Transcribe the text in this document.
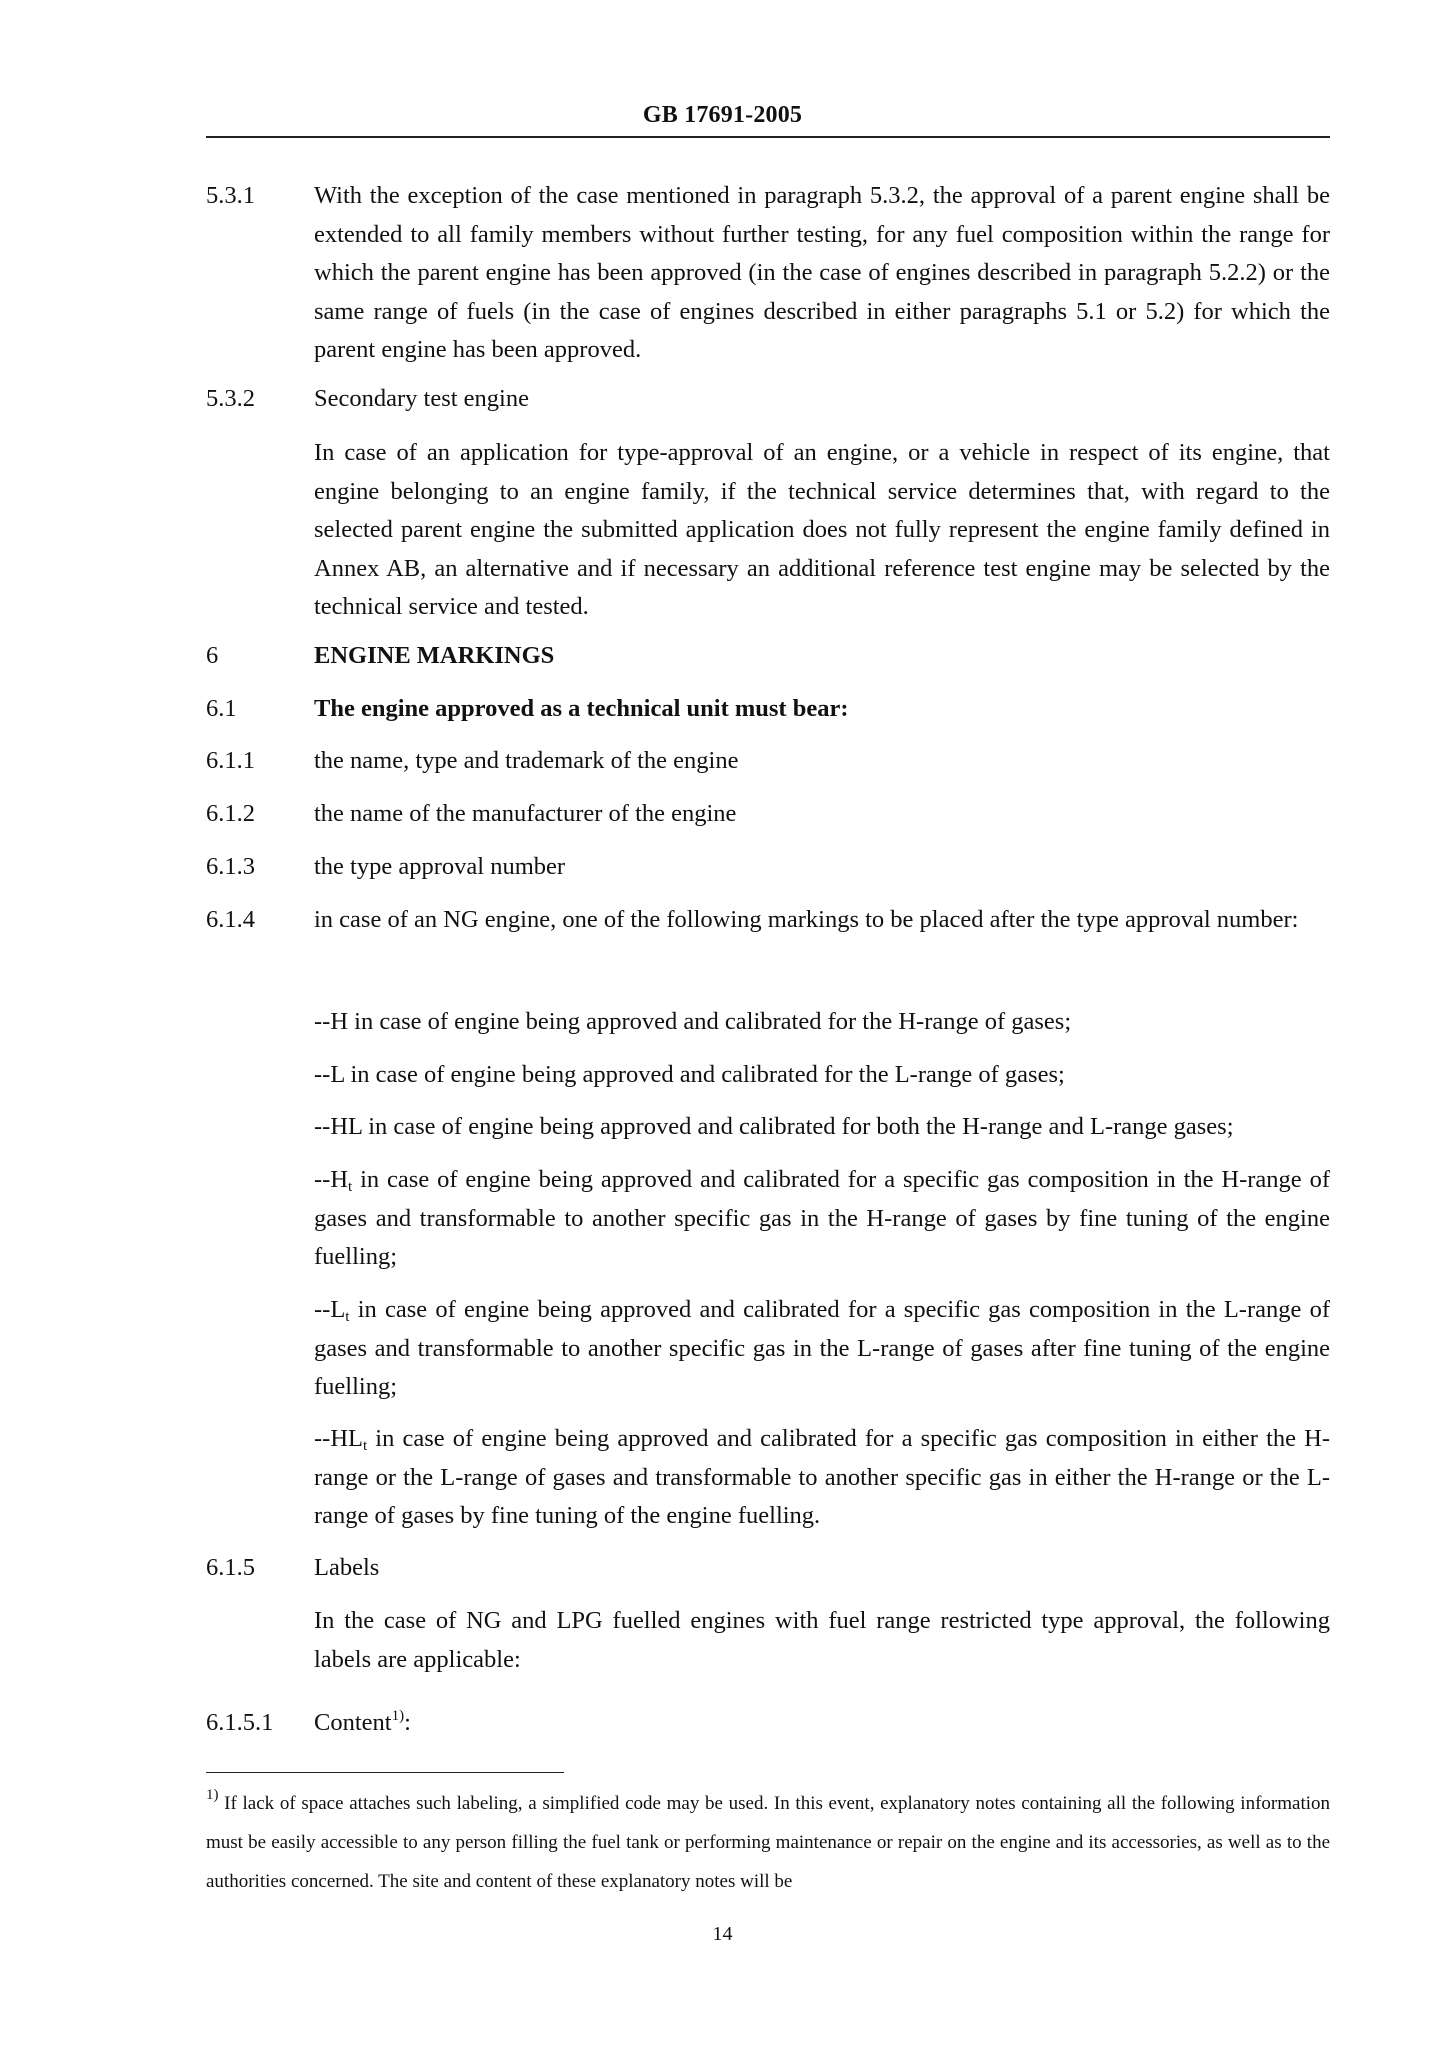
GB 17691-2005
5.3.1 With the exception of the case mentioned in paragraph 5.3.2, the approval of a parent engine shall be extended to all family members without further testing, for any fuel composition within the range for which the parent engine has been approved (in the case of engines described in paragraph 5.2.2) or the same range of fuels (in the case of engines described in either paragraphs 5.1 or 5.2) for which the parent engine has been approved.
5.3.2 Secondary test engine
In case of an application for type-approval of an engine, or a vehicle in respect of its engine, that engine belonging to an engine family, if the technical service determines that, with regard to the selected parent engine the submitted application does not fully represent the engine family defined in Annex AB, an alternative and if necessary an additional reference test engine may be selected by the technical service and tested.
6	ENGINE MARKINGS
6.1	The engine approved as a technical unit must bear:
6.1.1 the name, type and trademark of the engine
6.1.2 the name of the manufacturer of the engine
6.1.3 the type approval number
6.1.4 in case of an NG engine, one of the following markings to be placed after the type approval number:
--H in case of engine being approved and calibrated for the H-range of gases;
--L in case of engine being approved and calibrated for the L-range of gases;
--HL in case of engine being approved and calibrated for both the H-range and L-range gases;
$--H_t$ in case of engine being approved and calibrated for a specific gas composition in the H-range of gases and transformable to another specific gas in the H-range of gases by fine tuning of the engine fuelling;
$--L_t$ in case of engine being approved and calibrated for a specific gas composition in the L-range of gases and transformable to another specific gas in the L-range of gases after fine tuning of the engine fuelling;
$--HL_t$ in case of engine being approved and calibrated for a specific gas composition in either the H-range or the L-range of gases and transformable to another specific gas in either the H-range or the L-range of gases by fine tuning of the engine fuelling.
6.1.5 Labels
In the case of NG and LPG fuelled engines with fuel range restricted type approval, the following labels are applicable:
6.1.5.1 Content$^{1)}$:
$^{1)}$ If lack of space attaches such labeling, a simplified code may be used. In this event, explanatory notes containing all the following information must be easily accessible to any person filling the fuel tank or performing maintenance or repair on the engine and its accessories, as well as to the authorities concerned. The site and content of these explanatory notes will be
14
